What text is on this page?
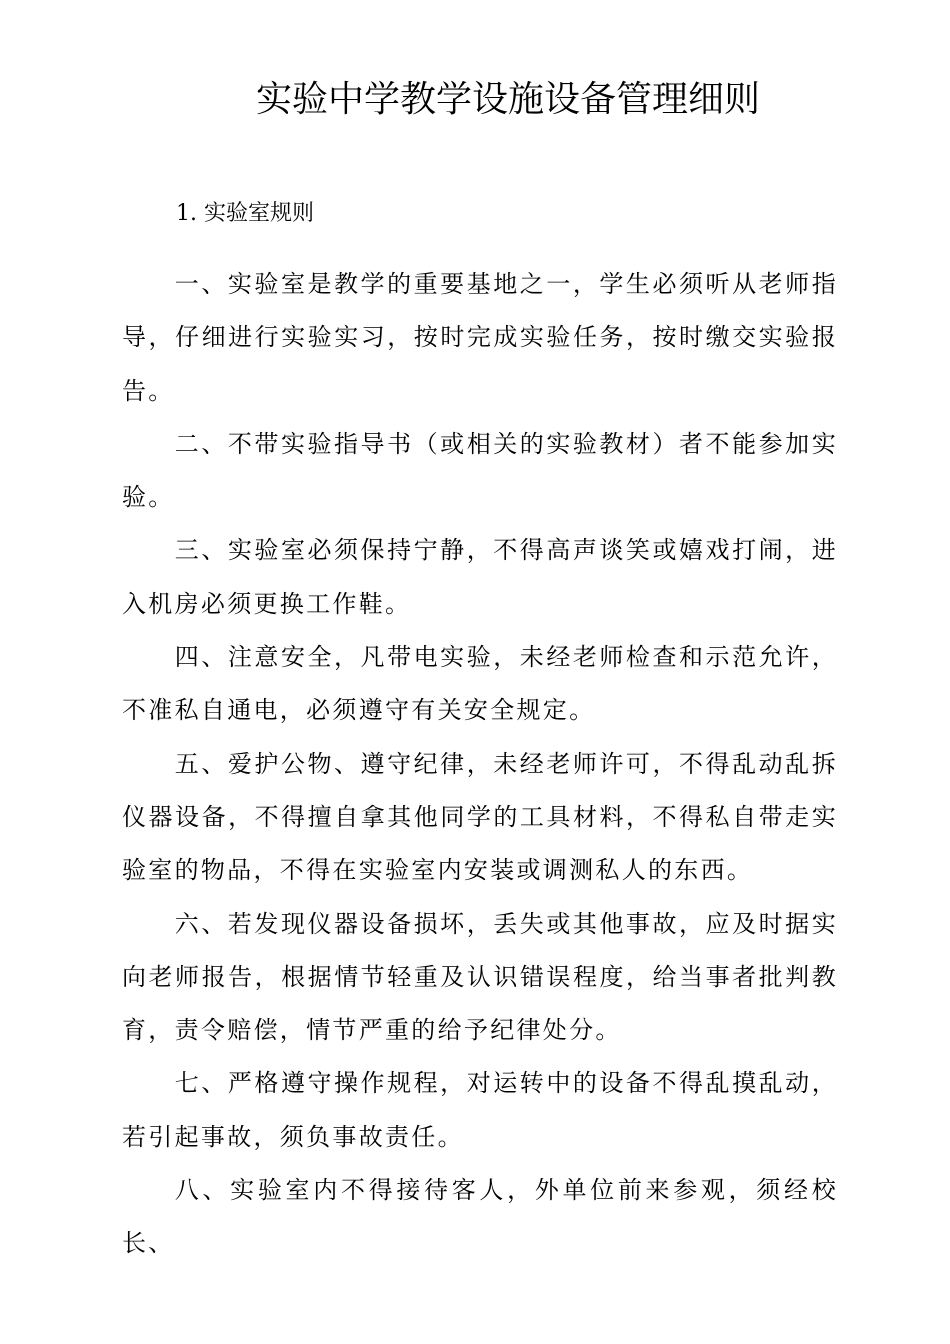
实验中学教学设施设备管理细则
1. 实验室规则

一、实验室是教学的重要基地之一，学生必须听从老师指导，仔细进行实验实习，按时完成实验任务，按时缴交实验报告。

二、不带实验指导书（或相关的实验教材）者不能参加实验。

三、实验室必须保持宁静，不得高声谈笑或嬉戏打闹，进入机房必须更换工作鞋。

四、注意安全，凡带电实验，未经老师检查和示范允许，不准私自通电，必须遵守有关安全规定。

五、爱护公物、遵守纪律，未经老师许可，不得乱动乱拆仪器设备，不得擅自拿其他同学的工具材料，不得私自带走实验室的物品，不得在实验室内安装或调测私人的东西。

六、若发现仪器设备损坏，丢失或其他事故，应及时据实向老师报告，根据情节轻重及认识错误程度，给当事者批判教育，责令赔偿，情节严重的给予纪律处分。

七、严格遵守操作规程，对运转中的设备不得乱摸乱动，若引起事故，须负事故责任。

八、实验室内不得接待客人，外单位前来参观，须经校长、
